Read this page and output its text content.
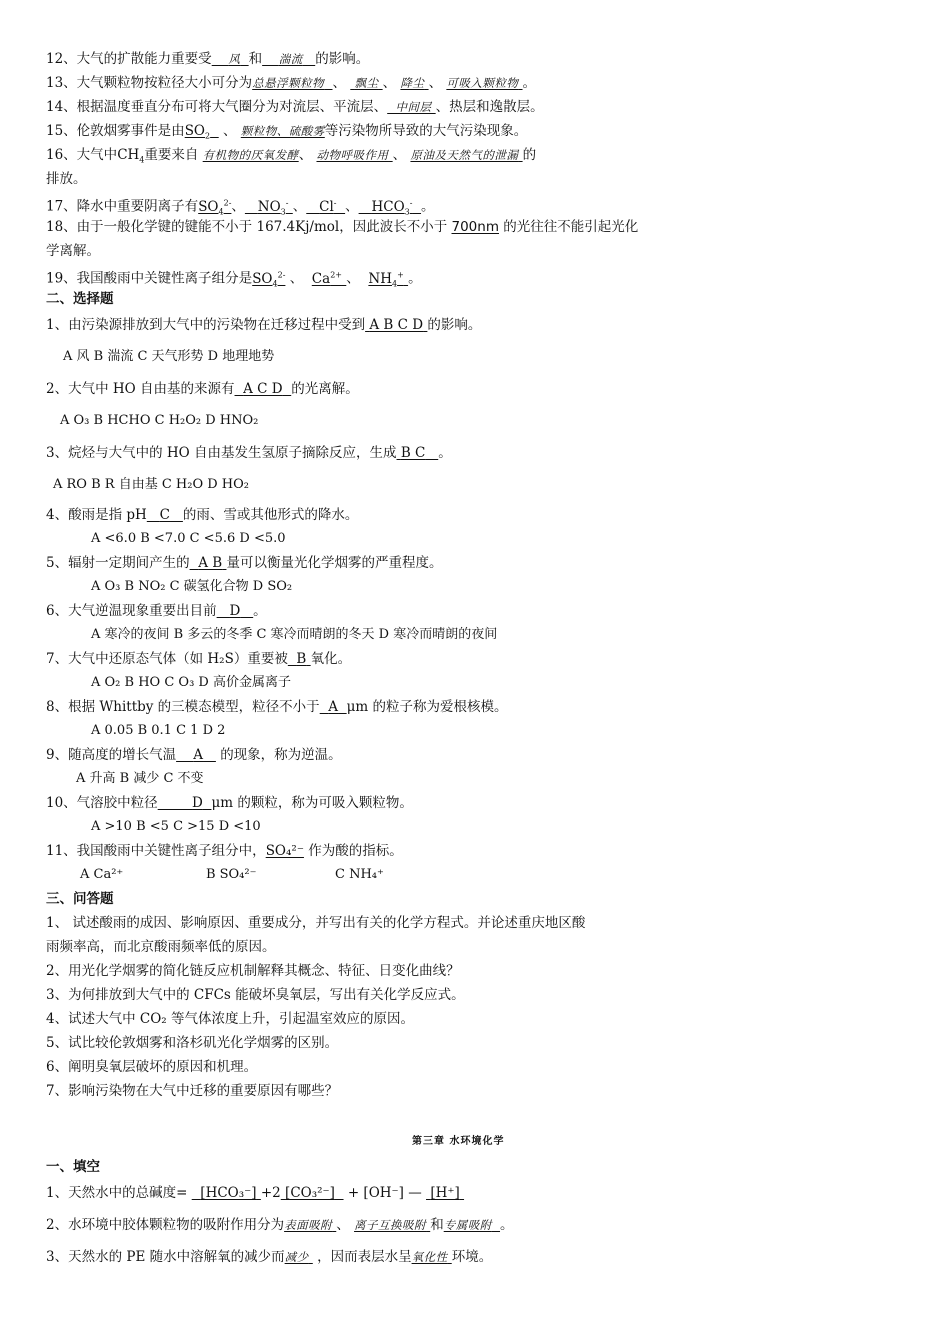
12、大气的扩散能力重要受 风 和 湍流 的影响。
13、大气颗粒物按粒径大小可分为总悬浮颗粒物 、 飘尘 、 降尘 、 可吸入颗粒物 。
14、根据温度垂直分布可将大气圈分为对流层、平流层、 中间层 、热层和逸散层。
15、伦敦烟雾事件是由$SO_2$ 、 颗粒物、硫酸雾等污染物所导致的大气污染现象。
16、大气中$CH_4$重要来自 有机物的厌氧发酵、 动物呼吸作用 、 原油及天然气的泄漏 的
排放。
17、降水中重要阴离子有$SO_4^{2-}$、 $NO_3^-$ 、 Cl- 、 $HCO_3^-$ 。
18、由于一般化学键的键能不小于 167.4Kj/mol，因此波长不小于 700nm 的光往往不能引起光化
学离解。
19、我国酸雨中关键性离子组分是$SO_4^{2-}$ 、 $Ca^{2+}$ 、 $NH_4^+$ 。
二、选择题
1、由污染源排放到大气中的污染物在迁移过程中受到 A B C D 的影响。
A 风 B 湍流 C 天气形势 D 地理地势
2、大气中 HO 自由基的来源有 A C D 的光离解。
A O₃ B HCHO C H₂O₂ D HNO₂
3、烷烃与大气中的 HO 自由基发生氢原子摘除反应，生成 B C 。
A RO B R 自由基 C H₂O D HO₂
4、酸雨是指 pH C 的雨、雪或其他形式的降水。
A <6.0 B <7.0 C <5.6 D <5.0
5、辐射一定期间产生的 A B 量可以衡量光化学烟雾的严重程度。
A O₃ B NO₂ C 碳氢化合物 D SO₂
6、大气逆温现象重要出目前 D 。
A 寒冷的夜间 B 多云的冬季 C 寒冷而晴朗的冬天 D 寒冷而晴朗的夜间
7、大气中还原态气体（如 H₂S）重要被 B 氧化。
A O₂ B HO C O₃ D 高价金属离子
8、根据 Whittby 的三模态模型，粒径不小于 A μm 的粒子称为爱根核模。
A 0.05 B 0.1 C 1 D 2
9、随高度的增长气温 A 的现象，称为逆温。
A 升高 B 减少 C 不变
10、气溶胶中粒径	D μm 的颗粒，称为可吸入颗粒物。
A >10 B <5 C >15 D <10
11、我国酸雨中关键性离子组分中，SO₄²⁻ 作为酸的指标。
A Ca²⁺                    B SO₄²⁻                   C NH₄⁺
三、问答题
1、 试述酸雨的成因、影响原因、重要成分，并写出有关的化学方程式。并论述重庆地区酸
雨频率高，而北京酸雨频率低的原因。
2、用光化学烟雾的简化链反应机制解释其概念、特征、日变化曲线？
3、为何排放到大气中的 CFCs 能破坏臭氧层，写出有关化学反应式。
4、试述大气中 CO₂ 等气体浓度上升，引起温室效应的原因。
5、试比较伦敦烟雾和洛杉矶光化学烟雾的区别。
6、阐明臭氧层破坏的原因和机理。
7、影响污染物在大气中迁移的重要原因有哪些？
一、填空
1、天然水中的总碱度= [HCO₃⁻] +2 [CO₃²⁻]   + [OH⁻] —  [H⁺]
2、水环境中胶体颗粒物的吸附作用分为表面吸附 、 离子互换吸附 和专属吸附 。
3、天然水的 PE 随水中溶解氧的减少而减少 ，因而表层水呈氧化性 环境。
第三章 水环境化学
